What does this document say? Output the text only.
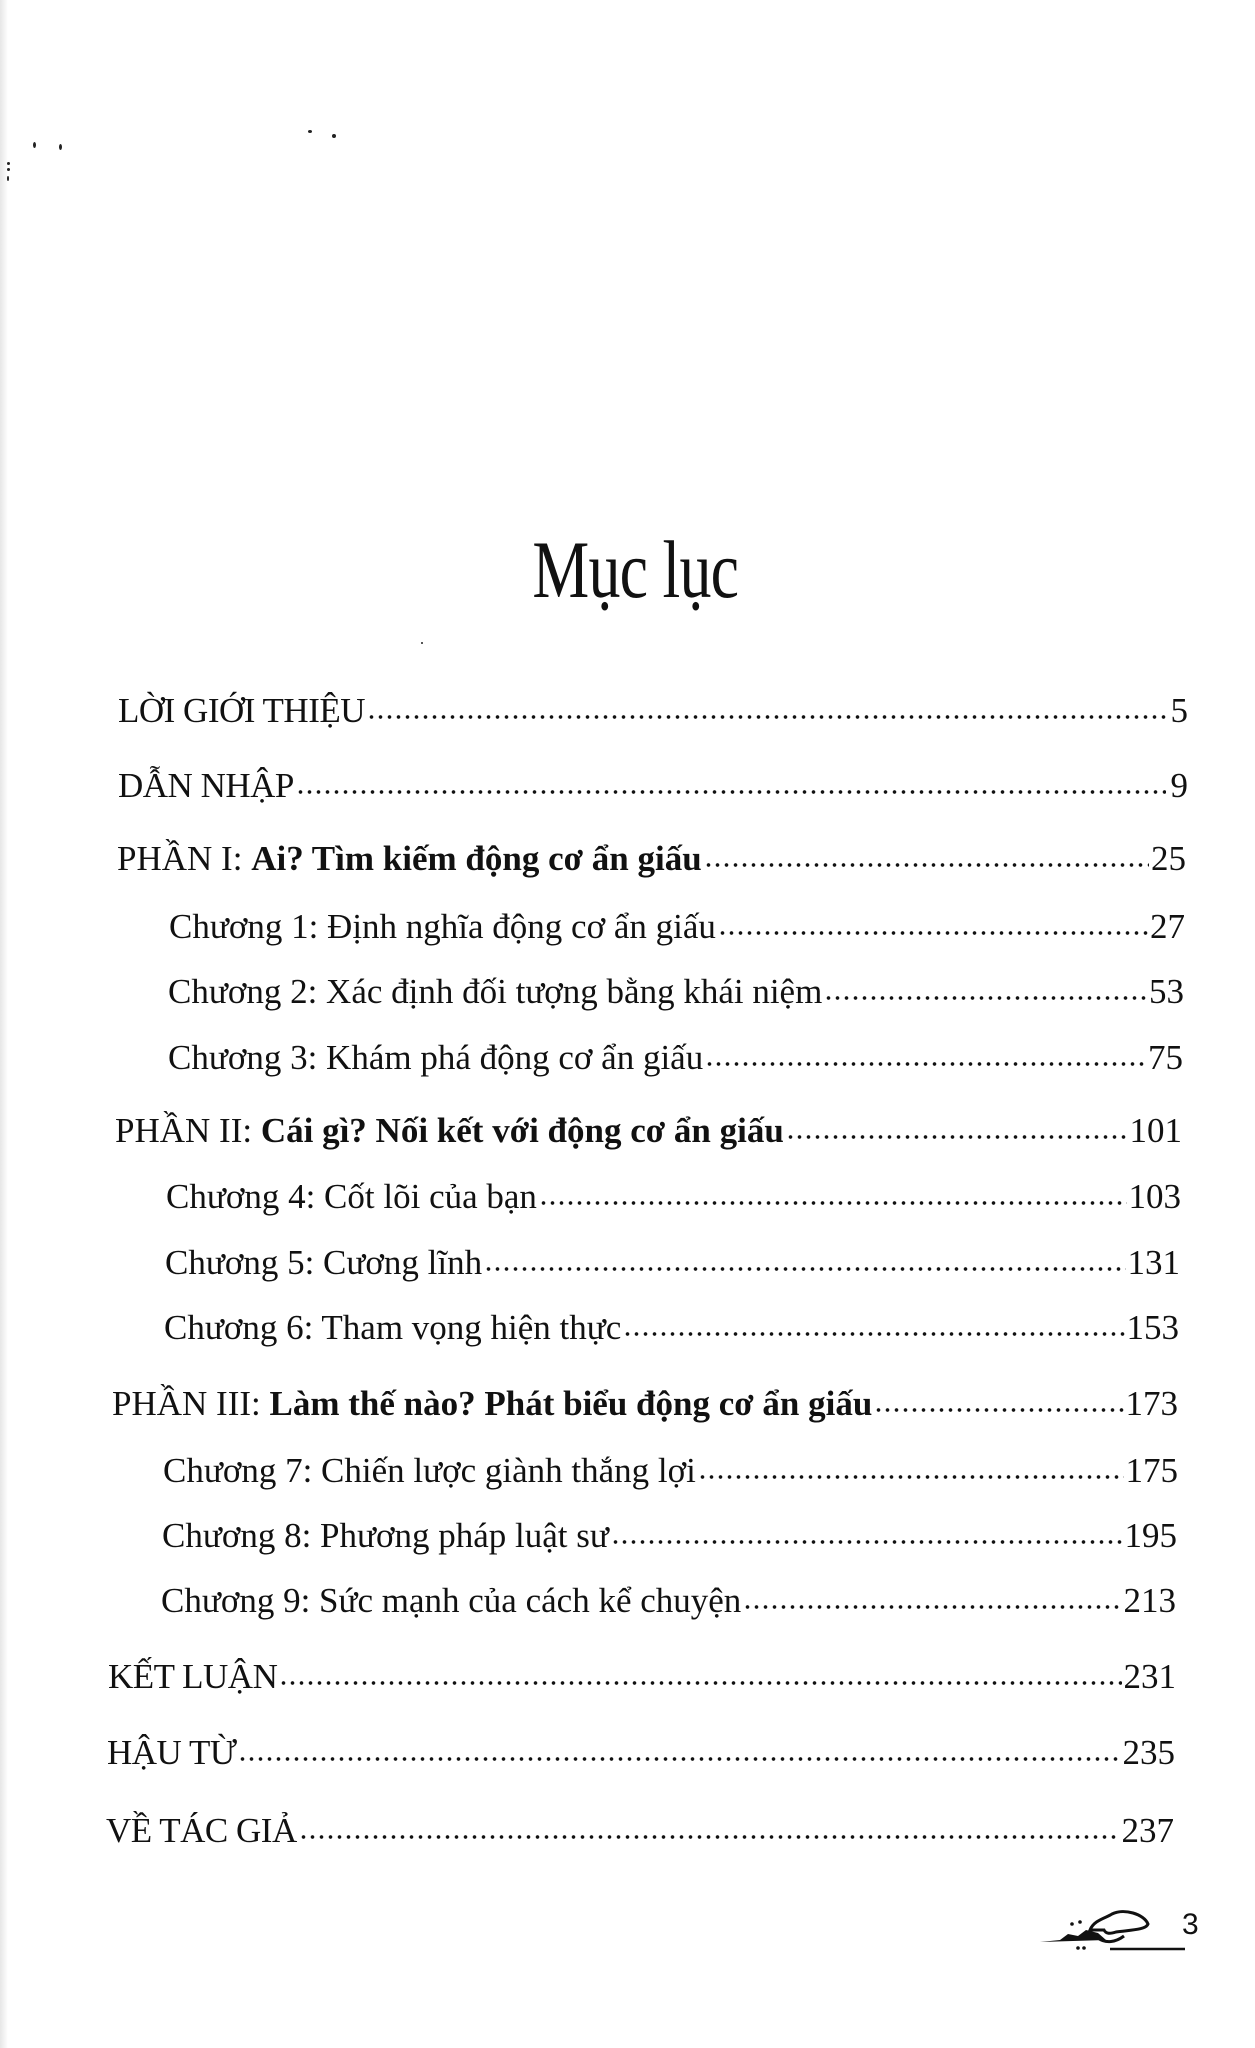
Mục lục
LỜI GIỚI THIỆU	5
DẪN NHẬP	9
PHẦN I: Ai? Tìm kiếm động cơ ẩn giấu	25
Chương 1: Định nghĩa động cơ ẩn giấu	27
Chương 2: Xác định đối tượng bằng khái niệm	53
Chương 3: Khám phá động cơ ẩn giấu	75
PHẦN II: Cái gì? Nối kết với động cơ ẩn giấu	101
Chương 4: Cốt lõi của bạn	103
Chương 5: Cương lĩnh	131
Chương 6: Tham vọng hiện thực	153
PHẦN III: Làm thế nào? Phát biểu động cơ ẩn giấu	173
Chương 7: Chiến lược giành thắng lợi	175
Chương 8: Phương pháp luật sư	195
Chương 9: Sức mạnh của cách kể chuyện	213
KẾT LUẬN	231
HẬU TỪ	235
VỀ TÁC GIẢ	237
3
